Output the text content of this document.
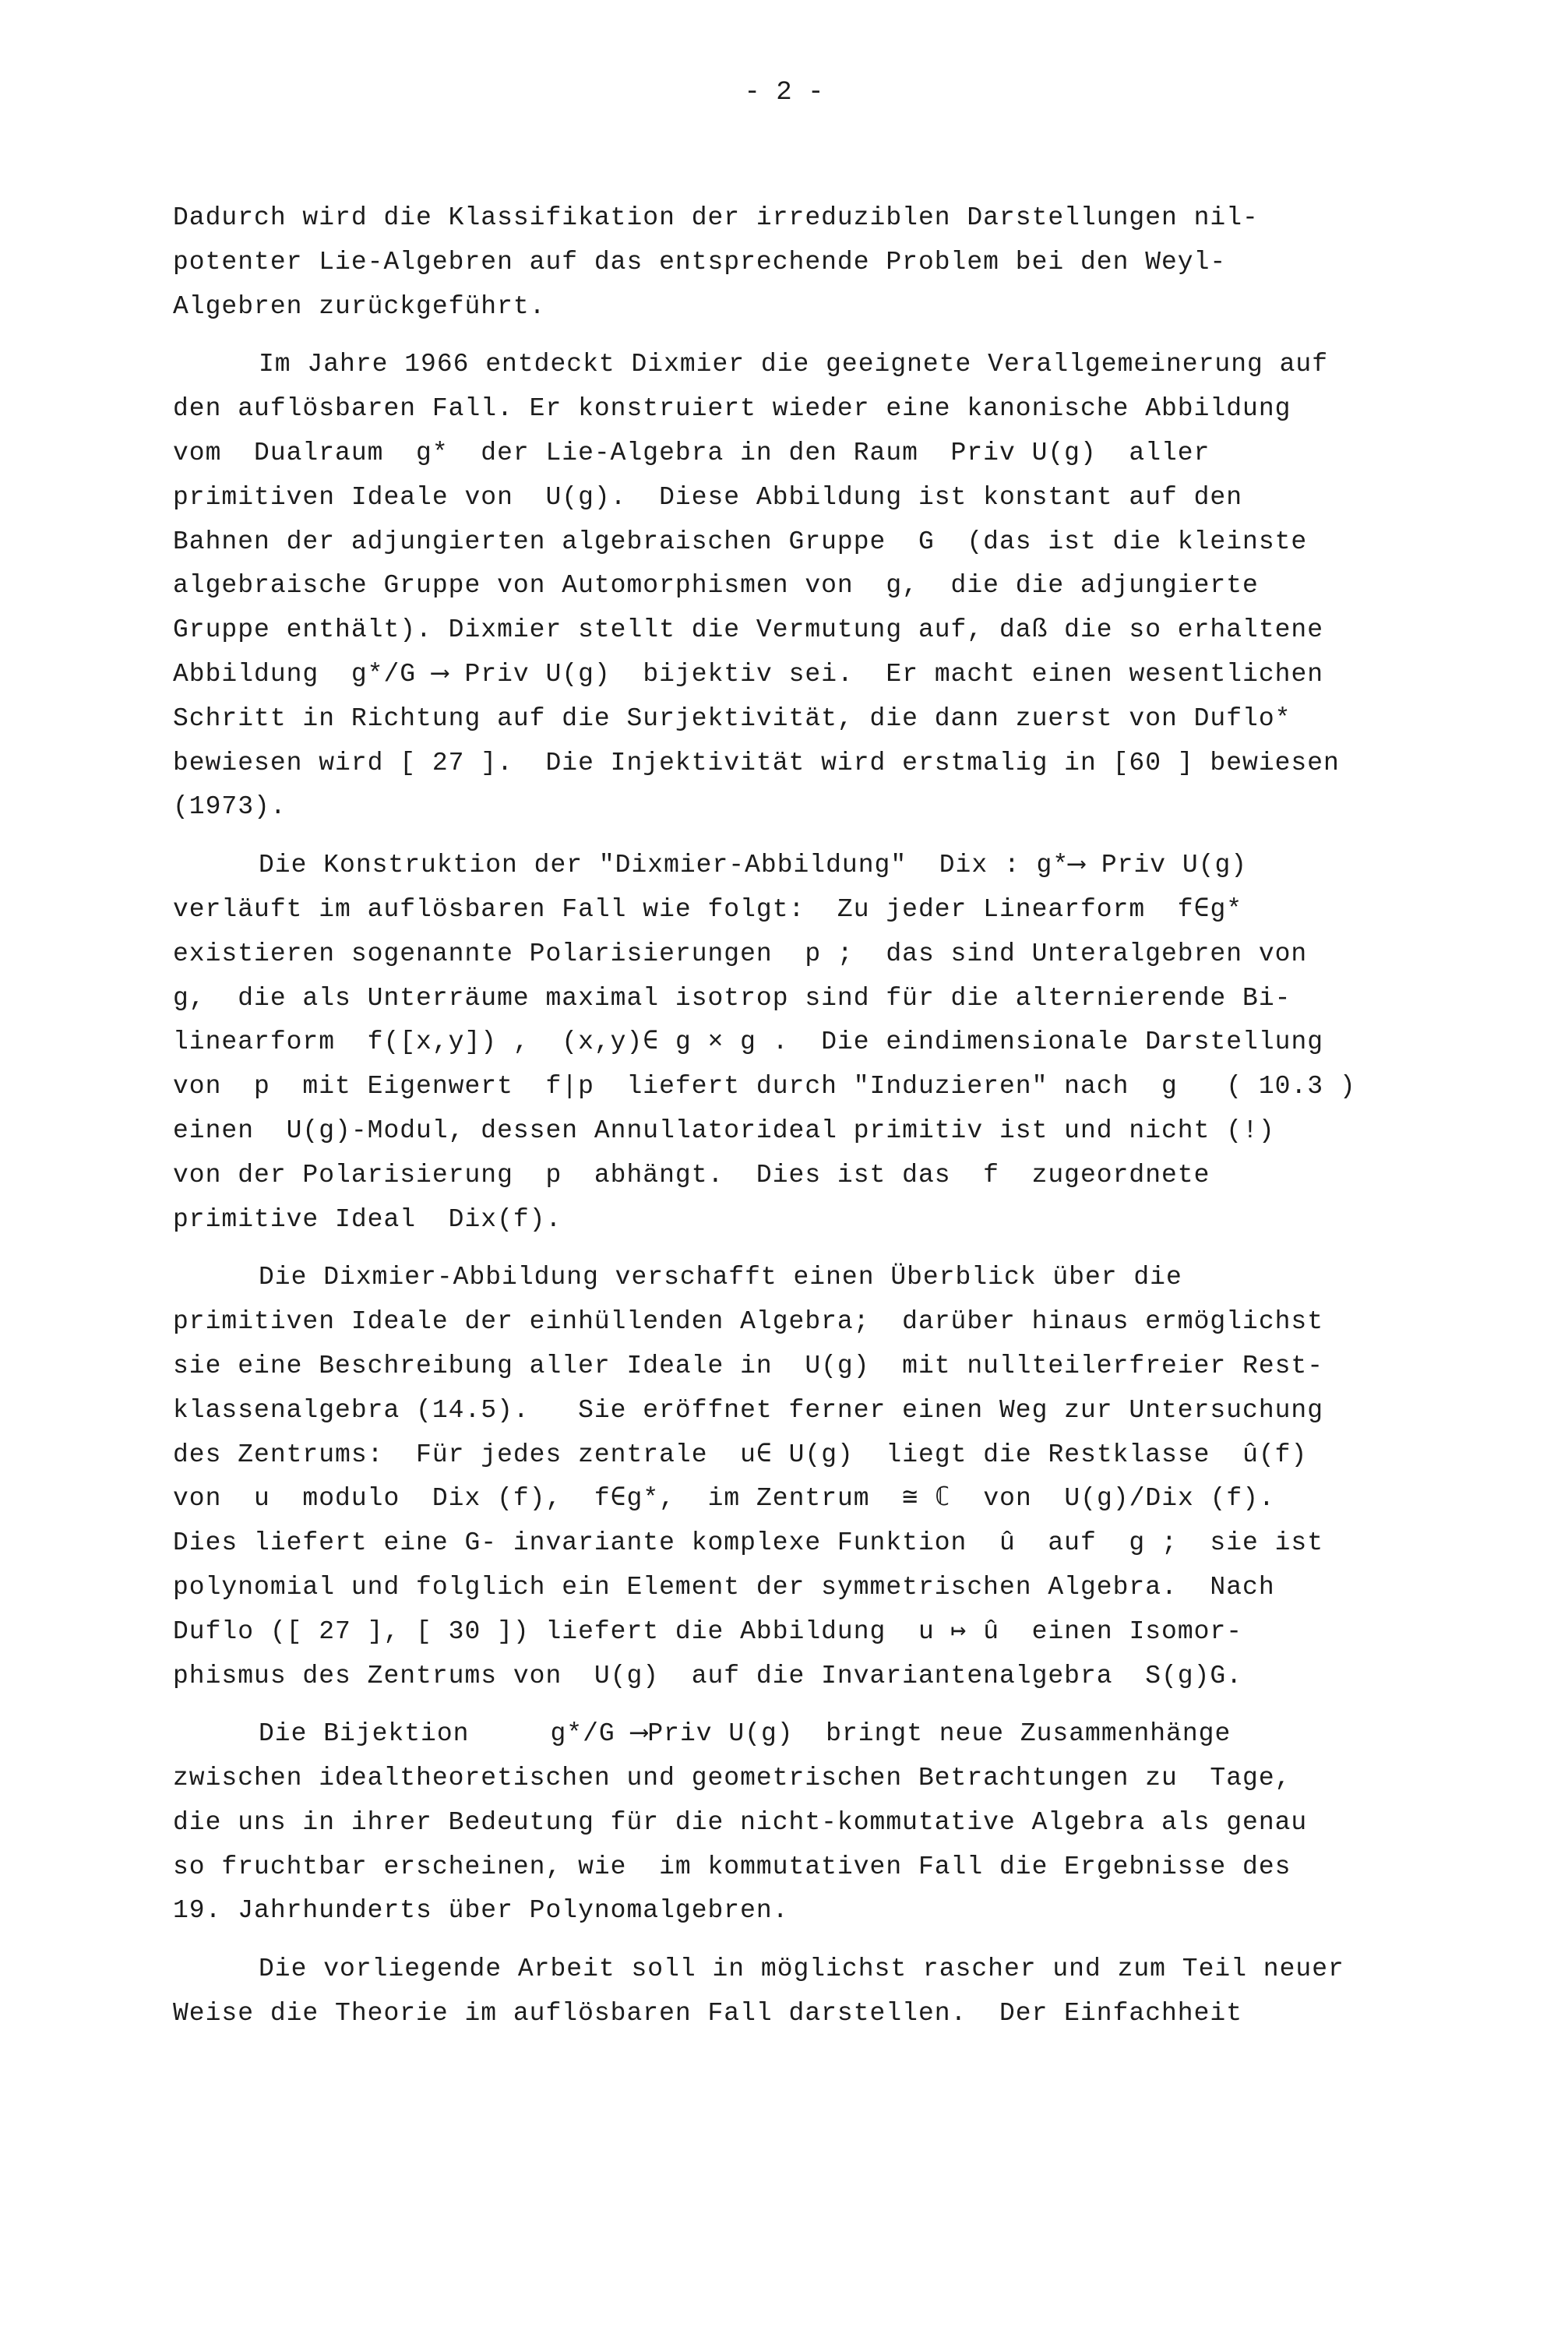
- 2 -
Dadurch wird die Klassifikation der irreduziblen Darstellungen nil-
potenter Lie-Algebren auf das entsprechende Problem bei den Weyl-
Algebren zurückgeführt.
Im Jahre 1966 entdeckt Dixmier die geeignete Verallgemeinerung auf
den auflösbaren Fall. Er konstruiert wieder eine kanonische Abbildung
vom  Dualraum  g*  der Lie-Algebra in den Raum  Priv U(g)  aller
primitiven Ideale von  U(g).  Diese Abbildung ist konstant auf den
Bahnen der adjungierten algebraischen Gruppe  G  (das ist die kleinste
algebraische Gruppe von Automorphismen von  g,  die die adjungierte
Gruppe enthält). Dixmier stellt die Vermutung auf, daß die so erhaltene
Abbildung  g*/G ⟶ Priv U(g)  bijektiv sei.  Er macht einen wesentlichen
Schritt in Richtung auf die Surjektivität, die dann zuerst von Duflo*
bewiesen wird [ 27 ].  Die Injektivität wird erstmalig in [60 ] bewiesen
(1973).
Die Konstruktion der "Dixmier-Abbildung"  Dix : g*⟶ Priv U(g)
verläuft im auflösbaren Fall wie folgt:  Zu jeder Linearform  f∈g*
existieren sogenannte Polarisierungen  p ;  das sind Unteralgebren von
g,  die als Unterräume maximal isotrop sind für die alternierende Bi-
linearform  f([x,y]) ,  (x,y)∈ g × g .  Die eindimensionale Darstellung
von  p  mit Eigenwert  f|p  liefert durch "Induzieren" nach  g   ( 10.3 )
einen  U(g)-Modul, dessen Annullatorideal primitiv ist und nicht (!)
von der Polarisierung  p  abhängt.  Dies ist das  f  zugeordnete
primitive Ideal  Dix(f).
Die Dixmier-Abbildung verschafft einen Überblick über die
primitiven Ideale der einhüllenden Algebra;  darüber hinaus ermöglichst
sie eine Beschreibung aller Ideale in  U(g)  mit nullteilerfreier Rest-
klassenalgebra (14.5).   Sie eröffnet ferner einen Weg zur Untersuchung
des Zentrums:  Für jedes zentrale  u∈ U(g)  liegt die Restklasse  û(f)
von  u  modulo  Dix (f),  f∈g*,  im Zentrum  ≅ ℂ  von  U(g)/Dix (f).
Dies liefert eine G- invariante komplexe Funktion  û  auf  g ;  sie ist
polynomial und folglich ein Element der symmetrischen Algebra.  Nach
Duflo ([ 27 ], [ 30 ]) liefert die Abbildung  u ↦ û  einen Isomor-
phismus des Zentrums von  U(g)  auf die Invariantenalgebra  S(g)G.
Die Bijektion     g*/G ⟶Priv U(g)  bringt neue Zusammenhänge
zwischen idealtheoretischen und geometrischen Betrachtungen zu  Tage,
die uns in ihrer Bedeutung für die nicht-kommutative Algebra als genau
so fruchtbar erscheinen, wie  im kommutativen Fall die Ergebnisse des
19. Jahrhunderts über Polynomalgebren.
Die vorliegende Arbeit soll in möglichst rascher und zum Teil neuer
Weise die Theorie im auflösbaren Fall darstellen.  Der Einfachheit
